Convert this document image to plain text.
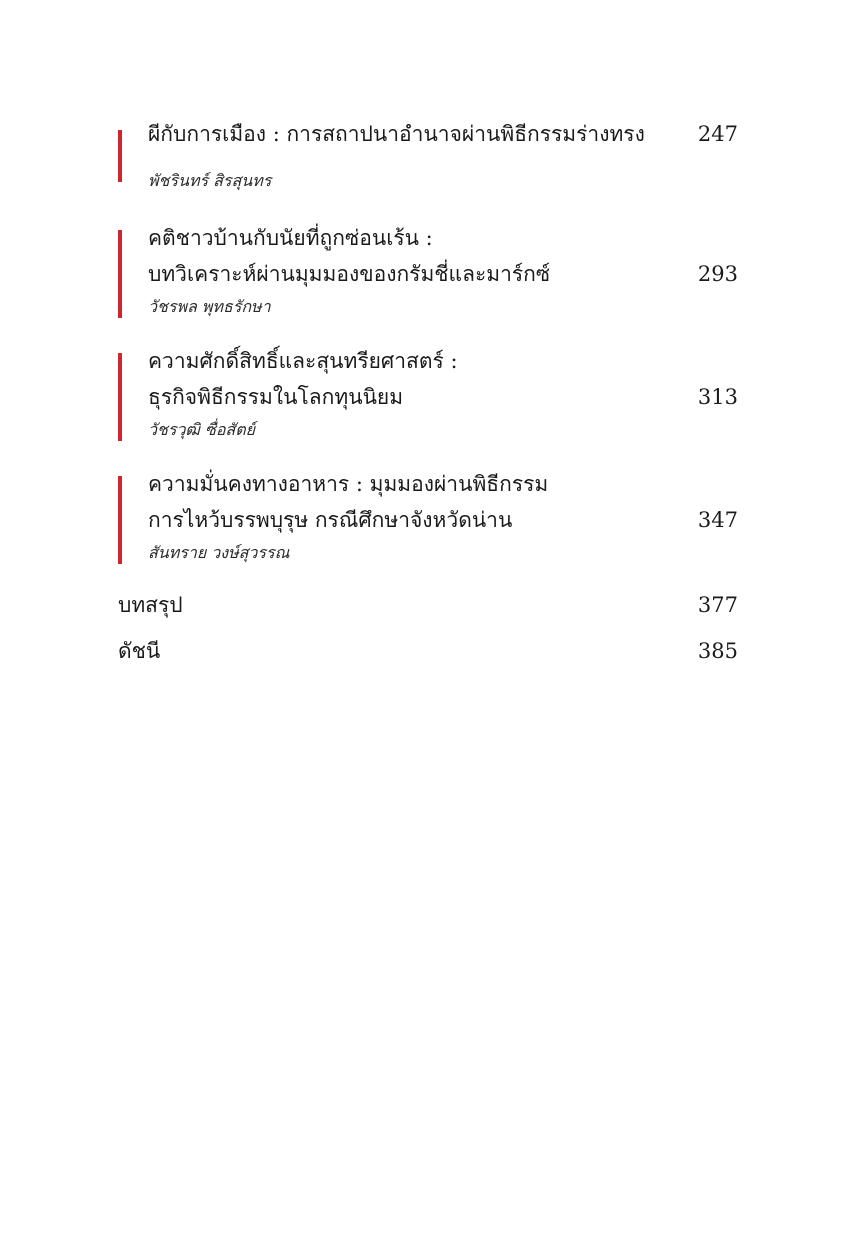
ผีกับการเมือง : การสถาปนาอำนาจผ่านพิธีกรรมร่างทรง	247
พัชรินทร์ สิรสุนทร
คติชาวบ้านกับนัยที่ถูกซ่อนเร้น :
บทวิเคราะห์ผ่านมุมมองของกรัมชี่และมาร์กซ์	293
วัชรพล พุทธรักษา
ความศักดิ์สิทธิ์และสุนทรียศาสตร์ :
ธุรกิจพิธีกรรมในโลกทุนนิยม	313
วัชรวุฒิ ซื่อสัตย์
ความมั่นคงทางอาหาร : มุมมองผ่านพิธีกรรม
การไหว้บรรพบุรุษ กรณีศึกษาจังหวัดน่าน	347
สันทราย วงษ์สุวรรณ
บทสรุป	377
ดัชนี	385
